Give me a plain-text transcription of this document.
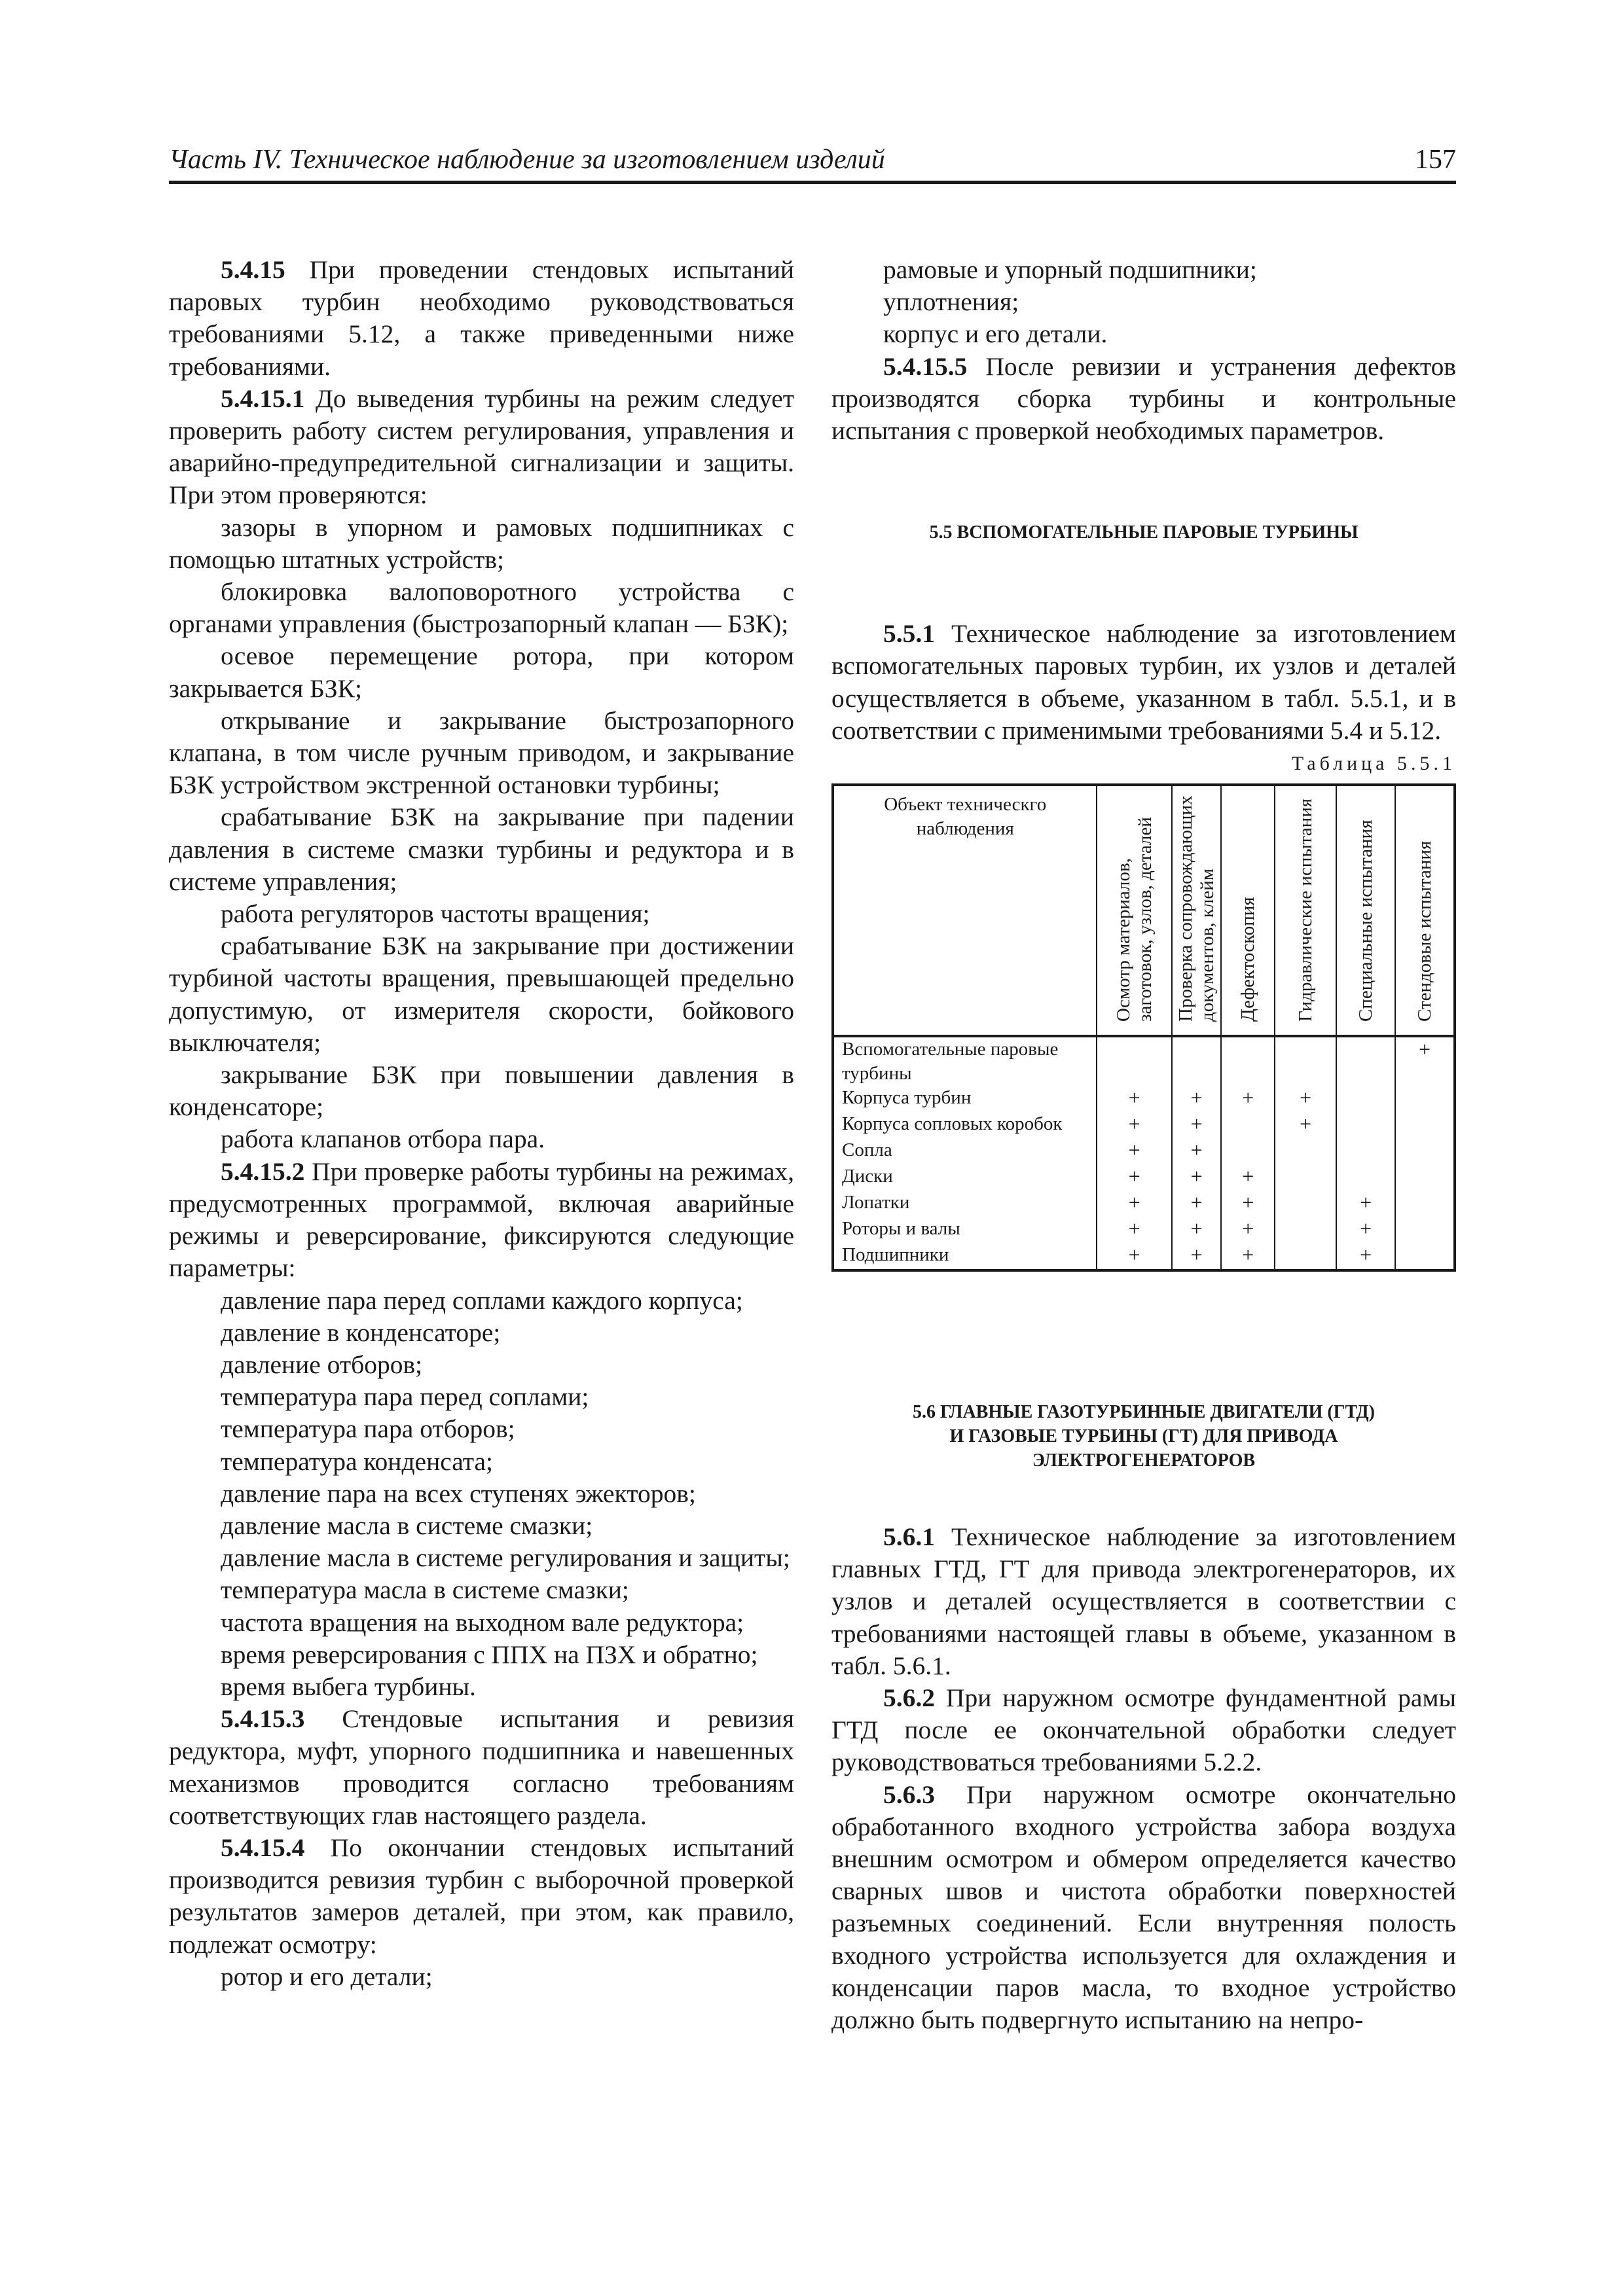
Часть IV. Техническое наблюдение за изготовлением изделий	157

5.4.15 При проведении стендовых испытаний паровых турбин необходимо руководствоваться требованиями 5.12, а также приведенными ниже требованиями.

5.4.15.1 До выведения турбины на режим следует проверить работу систем регулирования, управления и аварийно-предупредительной сигнализации и защиты. При этом проверяются:

зазоры в упорном и рамовых подшипниках с помощью штатных устройств;

блокировка валоповоротного устройства с органами управления (быстрозапорный клапан — БЗК);

осевое перемещение ротора, при котором закрывается БЗК;

открывание и закрывание быстрозапорного клапана, в том числе ручным приводом, и закрывание БЗК устройством экстренной остановки турбины;

срабатывание БЗК на закрывание при падении давления в системе смазки турбины и редуктора и в системе управления;

работа регуляторов частоты вращения;

срабатывание БЗК на закрывание при достижении турбиной частоты вращения, превышающей предельно допустимую, от измерителя скорости, бойкового выключателя;

закрывание БЗК при повышении давления в конденсаторе;

работа клапанов отбора пара.

5.4.15.2 При проверке работы турбины на режимах, предусмотренных программой, включая аварийные режимы и реверсирование, фиксируются следующие параметры:

давление пара перед соплами каждого корпуса;

давление в конденсаторе;

давление отборов;

температура пара перед соплами;

температура пара отборов;

температура конденсата;

давление пара на всех ступенях эжекторов;

давление масла в системе смазки;

давление масла в системе регулирования и защиты;

температура масла в системе смазки;

частота вращения на выходном вале редуктора;

время реверсирования с ППХ на ПЗХ и обратно;

время выбега турбины.

5.4.15.3 Стендовые испытания и ревизия редуктора, муфт, упорного подшипника и навешенных механизмов проводится согласно требованиям соответствующих глав настоящего раздела.

5.4.15.4 По окончании стендовых испытаний производится ревизия турбин с выборочной проверкой результатов замеров деталей, при этом, как правило, подлежат осмотру:

ротор и его детали;

рамовые и упорный подшипники;

уплотнения;

корпус и его детали.

5.4.15.5 После ревизии и устранения дефектов производятся сборка турбины и контрольные испытания с проверкой необходимых параметров.

5.5 ВСПОМОГАТЕЛЬНЫЕ ПАРОВЫЕ ТУРБИНЫ

5.5.1 Техническое наблюдение за изготовлением вспомогательных паровых турбин, их узлов и деталей осуществляется в объеме, указанном в табл. 5.5.1, и в соответствии с применимыми требованиями 5.4 и 5.12.

Таблица 5.5.1
Объект техническго наблюдения	Осмотр материалов, заготовок, узлов, деталей	Проверка сопровождающих документов, клейм	Дефектоскопия	Гидравлические испытания	Специальные испытания	Стендовые испытания

Вспомогательные паровые турбины						+
Корпуса турбин	+	+	+	+		
Корпуса сопловых коробок	+	+		+		
Сопла	+	+				
Диски	+	+	+			
Лопатки	+	+	+		+	
Роторы и валы	+	+	+		+	
Подшипники	+	+	+		+	

5.6 ГЛАВНЫЕ ГАЗОТУРБИННЫЕ ДВИГАТЕЛИ (ГТД)

И ГАЗОВЫЕ ТУРБИНЫ (ГТ) ДЛЯ ПРИВОДА

ЭЛЕКТРОГЕНЕРАТОРОВ

5.6.1 Техническое наблюдение за изготовлением главных ГТД, ГТ для привода электрогенераторов, их узлов и деталей осуществляется в соответствии с требованиями настоящей главы в объеме, указанном в табл. 5.6.1.

5.6.2 При наружном осмотре фундаментной рамы ГТД после ее окончательной обработки следует руководствоваться требованиями 5.2.2.

5.6.3 При наружном осмотре окончательно обработанного входного устройства забора воздуха внешним осмотром и обмером определяется качество сварных швов и чистота обработки поверхностей разъемных соединений. Если внутренняя полость входного устройства используется для охлаждения и конденсации паров масла, то входное устройство должно быть подвергнуто испытанию на непро-
